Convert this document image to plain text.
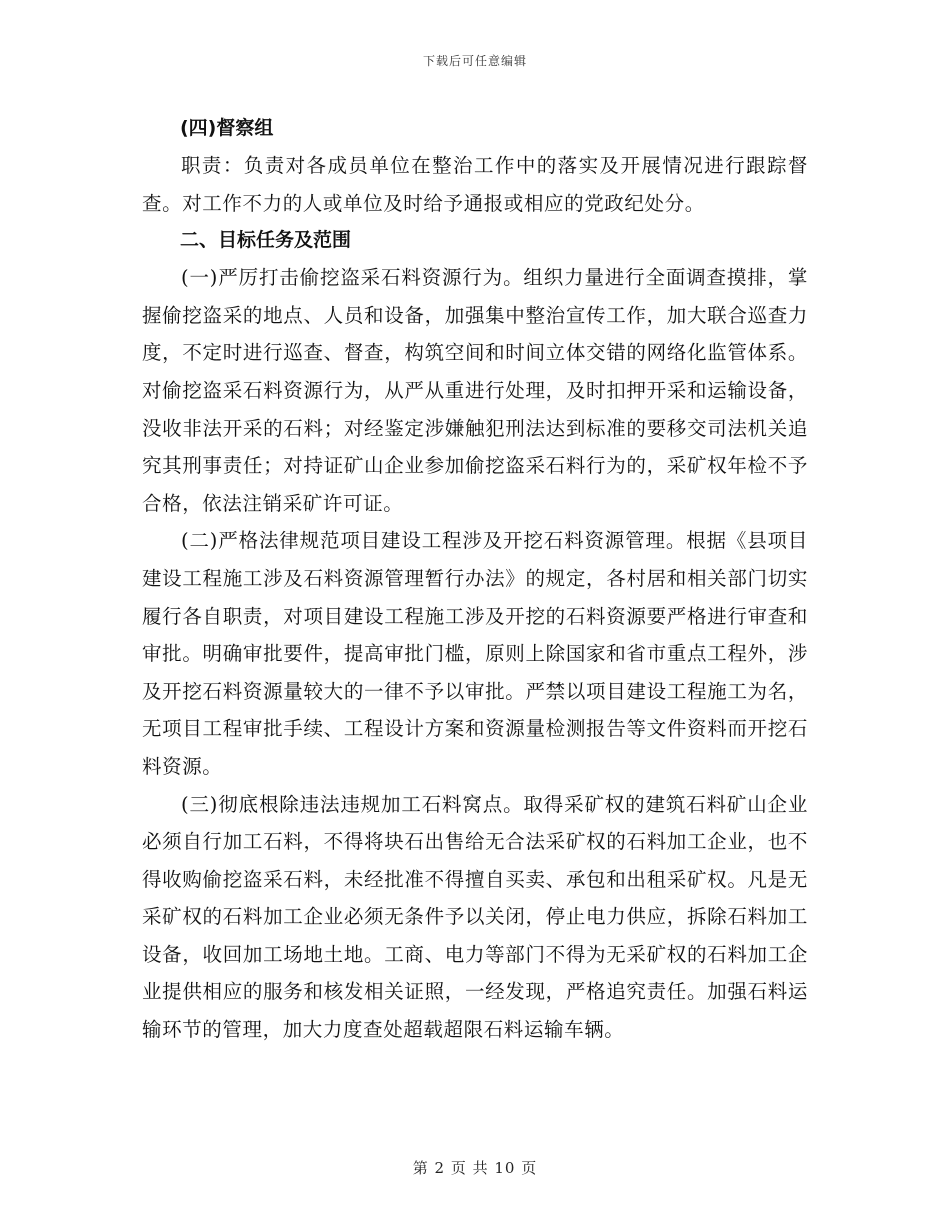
下载后可任意编辑

(四)督察组

职责：负责对各成员单位在整治工作中的落实及开展情况进行跟踪督查。对工作不力的人或单位及时给予通报或相应的党政纪处分。

二、目标任务及范围

(一)严厉打击偷挖盗采石料资源行为。组织力量进行全面调查摸排，掌握偷挖盗采的地点、人员和设备，加强集中整治宣传工作，加大联合巡查力度，不定时进行巡查、督查，构筑空间和时间立体交错的网络化监管体系。对偷挖盗采石料资源行为，从严从重进行处理，及时扣押开采和运输设备，没收非法开采的石料；对经鉴定涉嫌触犯刑法达到标准的要移交司法机关追究其刑事责任；对持证矿山企业参加偷挖盗采石料行为的，采矿权年检不予合格，依法注销采矿许可证。

(二)严格法律规范项目建设工程涉及开挖石料资源管理。根据《县项目建设工程施工涉及石料资源管理暂行办法》的规定，各村居和相关部门切实履行各自职责，对项目建设工程施工涉及开挖的石料资源要严格进行审查和审批。明确审批要件，提高审批门槛，原则上除国家和省市重点工程外，涉及开挖石料资源量较大的一律不予以审批。严禁以项目建设工程施工为名，无项目工程审批手续、工程设计方案和资源量检测报告等文件资料而开挖石料资源。

(三)彻底根除违法违规加工石料窝点。取得采矿权的建筑石料矿山企业必须自行加工石料，不得将块石出售给无合法采矿权的石料加工企业，也不得收购偷挖盗采石料，未经批准不得擅自买卖、承包和出租采矿权。凡是无采矿权的石料加工企业必须无条件予以关闭，停止电力供应，拆除石料加工设备，收回加工场地土地。工商、电力等部门不得为无采矿权的石料加工企业提供相应的服务和核发相关证照，一经发现，严格追究责任。加强石料运输环节的管理，加大力度查处超载超限石料运输车辆。

第 2 页 共 10 页
